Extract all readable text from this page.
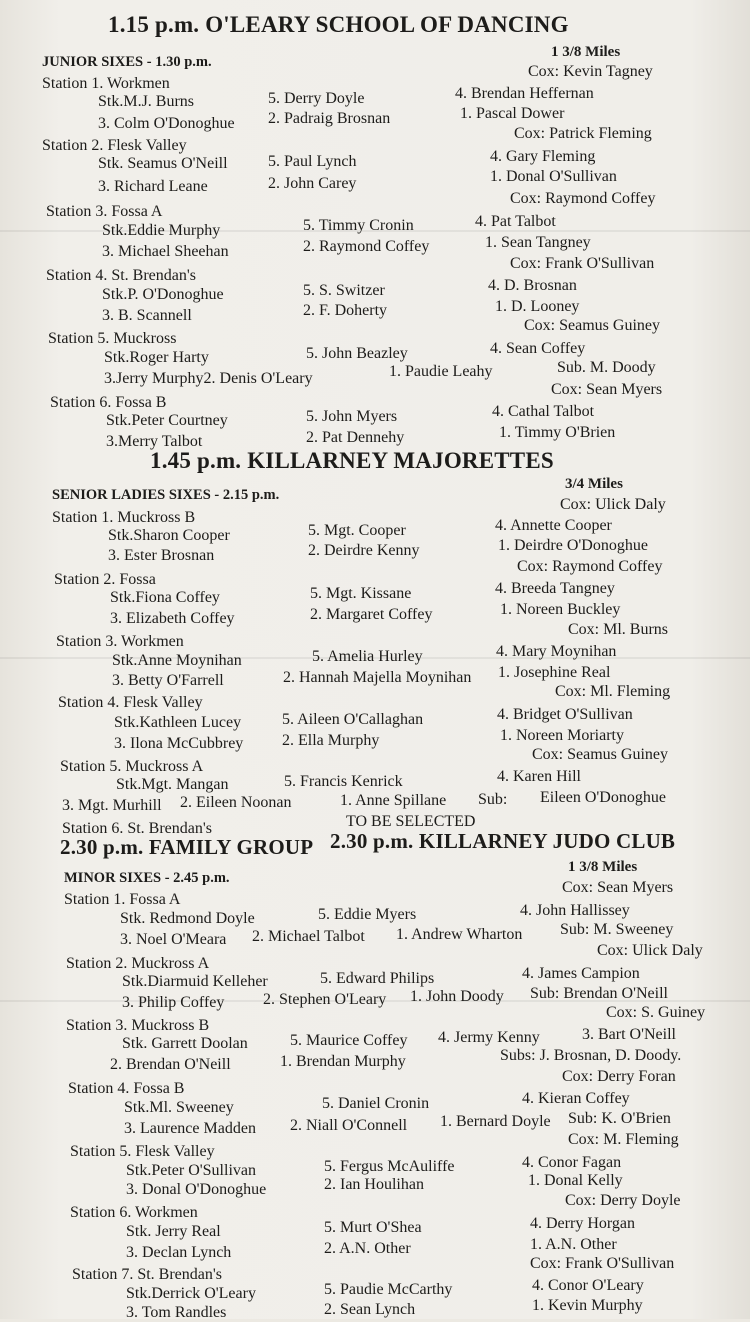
1.15 p.m. O'LEARY SCHOOL OF DANCING
JUNIOR SIXES - 1.30 p.m.
1 3/8 Miles
Cox: Kevin Tagney
Station 1. Workmen
Stk.M.J. Burns	5. Derry Doyle	4. Brendan Heffernan
3. Colm O'Donoghue 2. Padraig Brosnan	1. Pascal Dower
Cox: Patrick Fleming
Station 2. Flesk Valley
Stk. Seamus O'Neill	5. Paul Lynch	4. Gary Fleming
3. Richard Leane	2. John Carey	1. Donal O'Sullivan
Cox: Raymond Coffey
Station 3. Fossa A
Stk.Eddie Murphy	5. Timmy Cronin	4. Pat Talbot
3. Michael Sheehan	2. Raymond Coffey	1. Sean Tangney
Cox: Frank O'Sullivan
Station 4. St. Brendan's
Stk.P. O'Donoghue	5. S. Switzer	4. D. Brosnan
3. B. Scannell	2. F. Doherty	1. D. Looney
Cox: Seamus Guiney
Station 5. Muckross
Stk.Roger Harty	5. John Beazley	4. Sean Coffey
3.Jerry Murphy2. Denis O'Leary	1. Paudie Leahy	Sub. M. Doody
Cox: Sean Myers
Station 6. Fossa B
Stk.Peter Courtney	5. John Myers	4. Cathal Talbot
3.Merry Talbot	2. Pat Dennehy	1. Timmy O'Brien
1.45 p.m. KILLARNEY MAJORETTES
SENIOR LADIES SIXES - 2.15 p.m.
3/4 Miles
Cox: Ulick Daly
Station 1. Muckross B
Stk.Sharon Cooper	5. Mgt. Cooper	4. Annette Cooper
3. Ester Brosnan	2. Deirdre Kenny	1. Deirdre O'Donoghue
Cox: Raymond Coffey
Station 2. Fossa
Stk.Fiona Coffey	5. Mgt. Kissane	4. Breeda Tangney
3. Elizabeth Coffey	2. Margaret Coffey	1. Noreen Buckley
Cox: Ml. Burns
Station 3. Workmen
Stk.Anne Moynihan	5. Amelia Hurley	4. Mary Moynihan
3. Betty O'Farrell	2. Hannah Majella Moynihan 1. Josephine Real
Cox: Ml. Fleming
Station 4. Flesk Valley
Stk.Kathleen Lucey	5. Aileen O'Callaghan	4. Bridget O'Sullivan
3. Ilona McCubbrey 2. Ella Murphy	1. Noreen Moriarty
Cox: Seamus Guiney
Station 5. Muckross A
Stk.Mgt. Mangan	5. Francis Kenrick	4. Karen Hill
3. Mgt. Murhill 2. Eileen Noonan	1. Anne Spillane Sub: Eileen O'Donoghue
Station 6. St. Brendan's	TO BE SELECTED
2.30 p.m. FAMILY GROUP 2.30 p.m. KILLARNEY JUDO CLUB
MINOR SIXES - 2.45 p.m.
1 3/8 Miles
Cox: Sean Myers
Station 1. Fossa A
Stk. Redmond Doyle	5. Eddie Myers	4. John Hallissey
3. Noel O'Meara 2. Michael Talbot 1. Andrew Wharton Sub: M. Sweeney
Cox: Ulick Daly
Station 2. Muckross A
Stk.Diarmuid Kelleher	5. Edward Philips	4. James Campion
3. Philip Coffey 2. Stephen O'Leary 1. John Doody Sub: Brendan O'Neill
Cox: S. Guiney
Station 3. Muckross B
Stk. Garrett Doolan	5. Maurice Coffey 4. Jermy Kenny	3. Bart O'Neill
2. Brendan O'Neill	1. Brendan Murphy	Subs: J. Brosnan, D. Doody.
Cox: Derry Foran
Station 4. Fossa B
Stk.Ml. Sweeney	5. Daniel Cronin	4. Kieran Coffey
3. Laurence Madden 2. Niall O'Connell 1. Bernard Doyle Sub: K. O'Brien
Cox: M. Fleming
Station 5. Flesk Valley
Stk.Peter O'Sullivan	5. Fergus McAuliffe	4. Conor Fagan
3. Donal O'Donoghue	2. Ian Houlihan	1. Donal Kelly
Cox: Derry Doyle
Station 6. Workmen
Stk. Jerry Real	5. Murt O'Shea	4. Derry Horgan
3. Declan Lynch	2. A.N. Other	1. A.N. Other
Cox: Frank O'Sullivan
Station 7. St. Brendan's
Stk.Derrick O'Leary	5. Paudie McCarthy	4. Conor O'Leary
3. Tom Randles	2. Sean Lynch	1. Kevin Murphy
